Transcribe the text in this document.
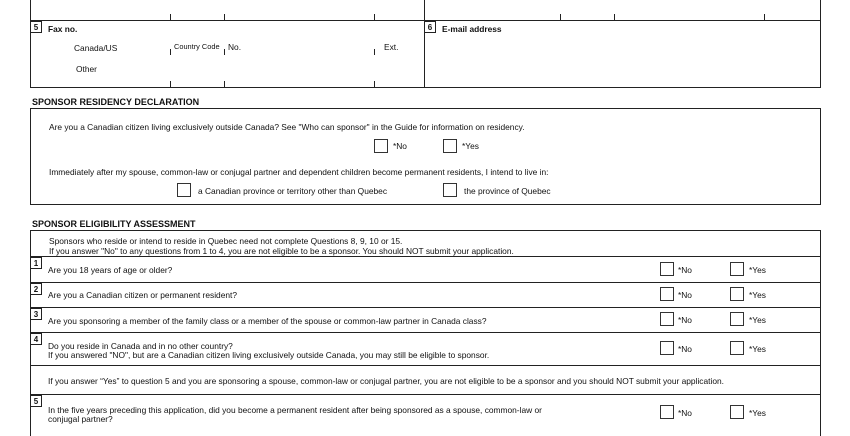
5	Fax no.
Canada/US	Country Code No.	Ext.
Other
6	E-mail address
SPONSOR RESIDENCY DECLARATION
Are you a Canadian citizen living exclusively outside Canada? See "Who can sponsor" in the Guide for information on residency.
*No	*Yes
Immediately after my spouse, common-law or conjugal partner and dependent children become permanent residents, I intend to live in:
a Canadian province or territory other than Quebec	the province of Quebec
SPONSOR ELIGIBILITY ASSESSMENT
Sponsors who reside or intend to reside in Quebec need not complete Questions 8, 9, 10 or 15.
If you answer "No" to any questions from 1 to 4, you are not eligible to be a sponsor. You should NOT submit your application.
1
Are you 18 years of age or older?	*No	*Yes
2
Are you a Canadian citizen or permanent resident?	*No	*Yes
3
Are you sponsoring a member of the family class or a member of the spouse or common-law partner in Canada class?	*No	*Yes
4
Do you reside in Canada and in no other country?
If you answered "NO", but are a Canadian citizen living exclusively outside Canada, you may still be eligible to sponsor.
*No	*Yes
If you answer “Yes” to question 5 and you are sponsoring a spouse, common-law or conjugal partner, you are not eligible to be a sponsor and you should NOT submit your application.
5
In the five years preceding this application, did you become a permanent resident after being sponsored as a spouse, common-law or
conjugal partner?
*No	*Yes
